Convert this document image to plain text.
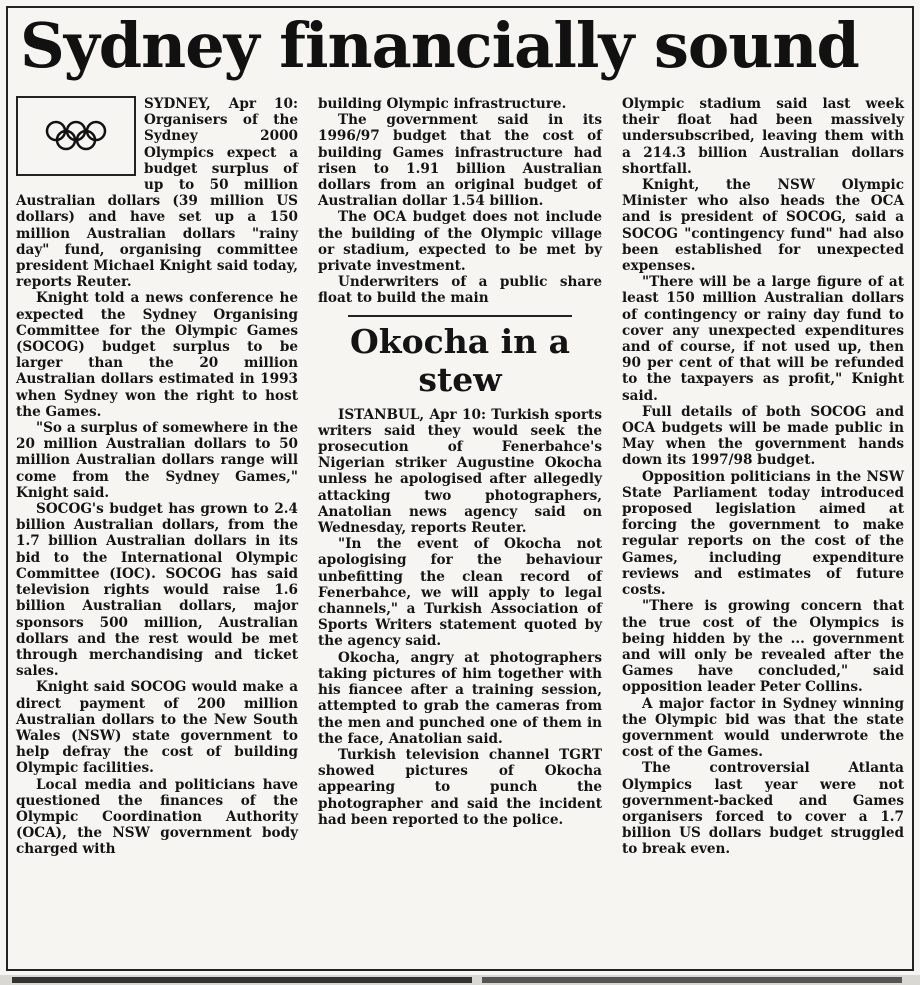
Sydney financially sound

SYDNEY, Apr 10: Organisers of the Sydney 2000 Olympics expect a budget surplus of up to 50 million Australian dollars (39 million US dollars) and have set up a 150 million Australian dollars "rainy day" fund, organising committee president Michael Knight said today, reports Reuter.

Knight told a news conference he expected the Sydney Organising Committee for the Olympic Games (SOCOG) budget surplus to be larger than the 20 million Australian dollars estimated in 1993 when Sydney won the right to host the Games.

"So a surplus of somewhere in the 20 million Australian dollars to 50 million Australian dollars range will come from the Sydney Games," Knight said.

SOCOG's budget has grown to 2.4 billion Australian dollars, from the 1.7 billion Australian dollars in its bid to the International Olympic Committee (IOC). SOCOG has said television rights would raise 1.6 billion Australian dollars, major sponsors 500 million, Australian dollars and the rest would be met through merchandising and ticket sales.

Knight said SOCOG would make a direct payment of 200 million Australian dollars to the New South Wales (NSW) state government to help defray the cost of building Olympic facilities.

Local media and politicians have questioned the finances of the Olympic Coordination Authority (OCA), the NSW government body charged with

building Olympic infrastructure.

The government said in its 1996/97 budget that the cost of building Games infrastructure had risen to 1.91 billion Australian dollars from an original budget of Australian dollar 1.54 billion.

The OCA budget does not include the building of the Olympic village or stadium, expected to be met by private investment.

Underwriters of a public share float to build the main

Okocha in a stew

ISTANBUL, Apr 10: Turkish sports writers said they would seek the prosecution of Fenerbahce's Nigerian striker Augustine Okocha unless he apologised after allegedly attacking two photographers, Anatolian news agency said on Wednesday, reports Reuter.

"In the event of Okocha not apologising for the behaviour unbefitting the clean record of Fenerbahce, we will apply to legal channels," a Turkish Association of Sports Writers statement quoted by the agency said.

Okocha, angry at photographers taking pictures of him together with his fiancee after a training session, attempted to grab the cameras from the men and punched one of them in the face, Anatolian said.

Turkish television channel TGRT showed pictures of Okocha appearing to punch the photographer and said the incident had been reported to the police.

Olympic stadium said last week their float had been massively undersubscribed, leaving them with a 214.3 billion Australian dollars shortfall.

Knight, the NSW Olympic Minister who also heads the OCA and is president of SOCOG, said a SOCOG "contingency fund" had also been established for unexpected expenses.

"There will be a large figure of at least 150 million Australian dollars of contingency or rainy day fund to cover any unexpected expenditures and of course, if not used up, then 90 per cent of that will be refunded to the taxpayers as profit," Knight said.

Full details of both SOCOG and OCA budgets will be made public in May when the government hands down its 1997/98 budget.

Opposition politicians in the NSW State Parliament today introduced proposed legislation aimed at forcing the government to make regular reports on the cost of the Games, including expenditure reviews and estimates of future costs.

"There is growing concern that the true cost of the Olympics is being hidden by the ... government and will only be revealed after the Games have concluded," said opposition leader Peter Collins.

A major factor in Sydney winning the Olympic bid was that the state government would underwrote the cost of the Games.

The controversial Atlanta Olympics last year were not government-backed and Games organisers forced to cover a 1.7 billion US dollars budget struggled to break even.
